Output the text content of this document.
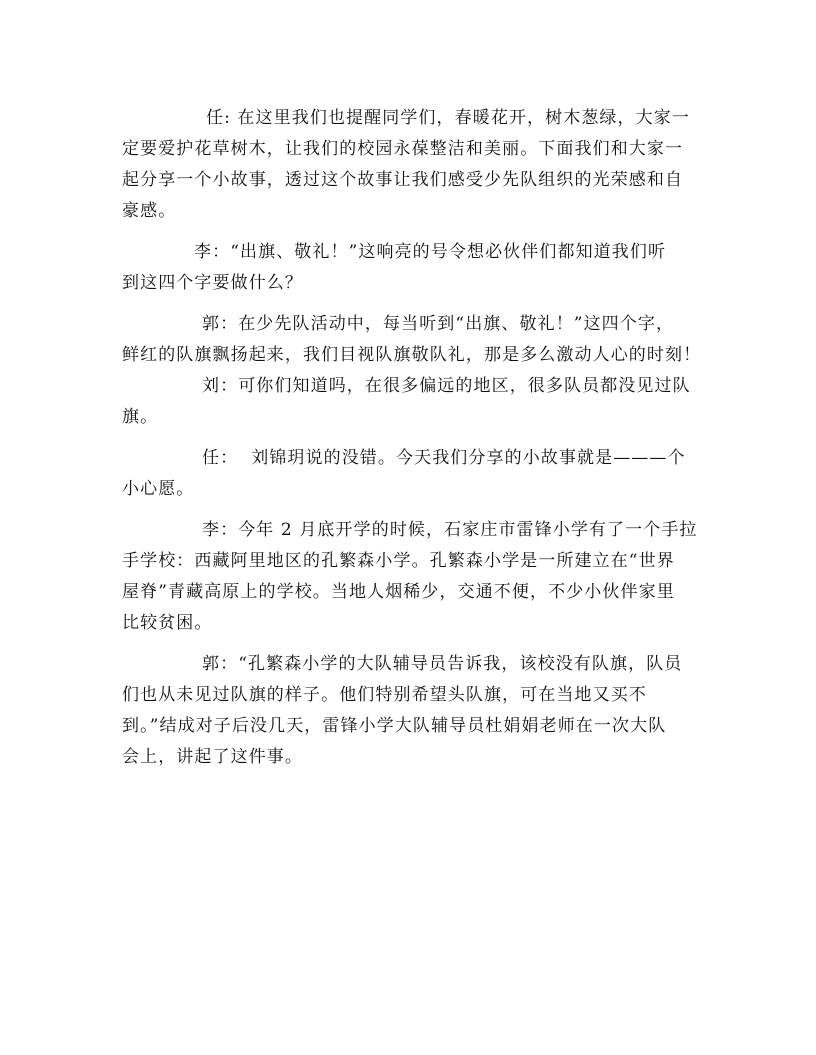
任: 在这里我们也提醒同学们，春暖花开，树木葱绿，大家一
定要爱护花草树木，让我们的校园永葆整洁和美丽。下面我们和大家一
起分享一个小故事，透过这个故事让我们感受少先队组织的光荣感和自
豪感。
李：“出旗、敬礼！”这响亮的号令想必伙伴们都知道我们听
到这四个字要做什么？
郭：在少先队活动中，每当听到“出旗、敬礼！”这四个字，
鲜红的队旗飘扬起来，我们目视队旗敬队礼，那是多么激动人心的时刻！
刘：可你们知道吗，在很多偏远的地区，很多队员都没见过队
旗。
任：  刘锦玥说的没错。今天我们分享的小故事就是———个
小心愿。
李：今年 2 月底开学的时候，石家庄市雷锋小学有了一个手拉
手学校：西藏阿里地区的孔繁森小学。孔繁森小学是一所建立在“世界
屋脊”青藏高原上的学校。当地人烟稀少，交通不便，不少小伙伴家里
比较贫困。
郭：“孔繁森小学的大队辅导员告诉我，该校没有队旗，队员
们也从未见过队旗的样子。他们特别希望头队旗，可在当地又买不
到。”结成对子后没几天，雷锋小学大队辅导员杜娟娟老师在一次大队
会上，讲起了这件事。
